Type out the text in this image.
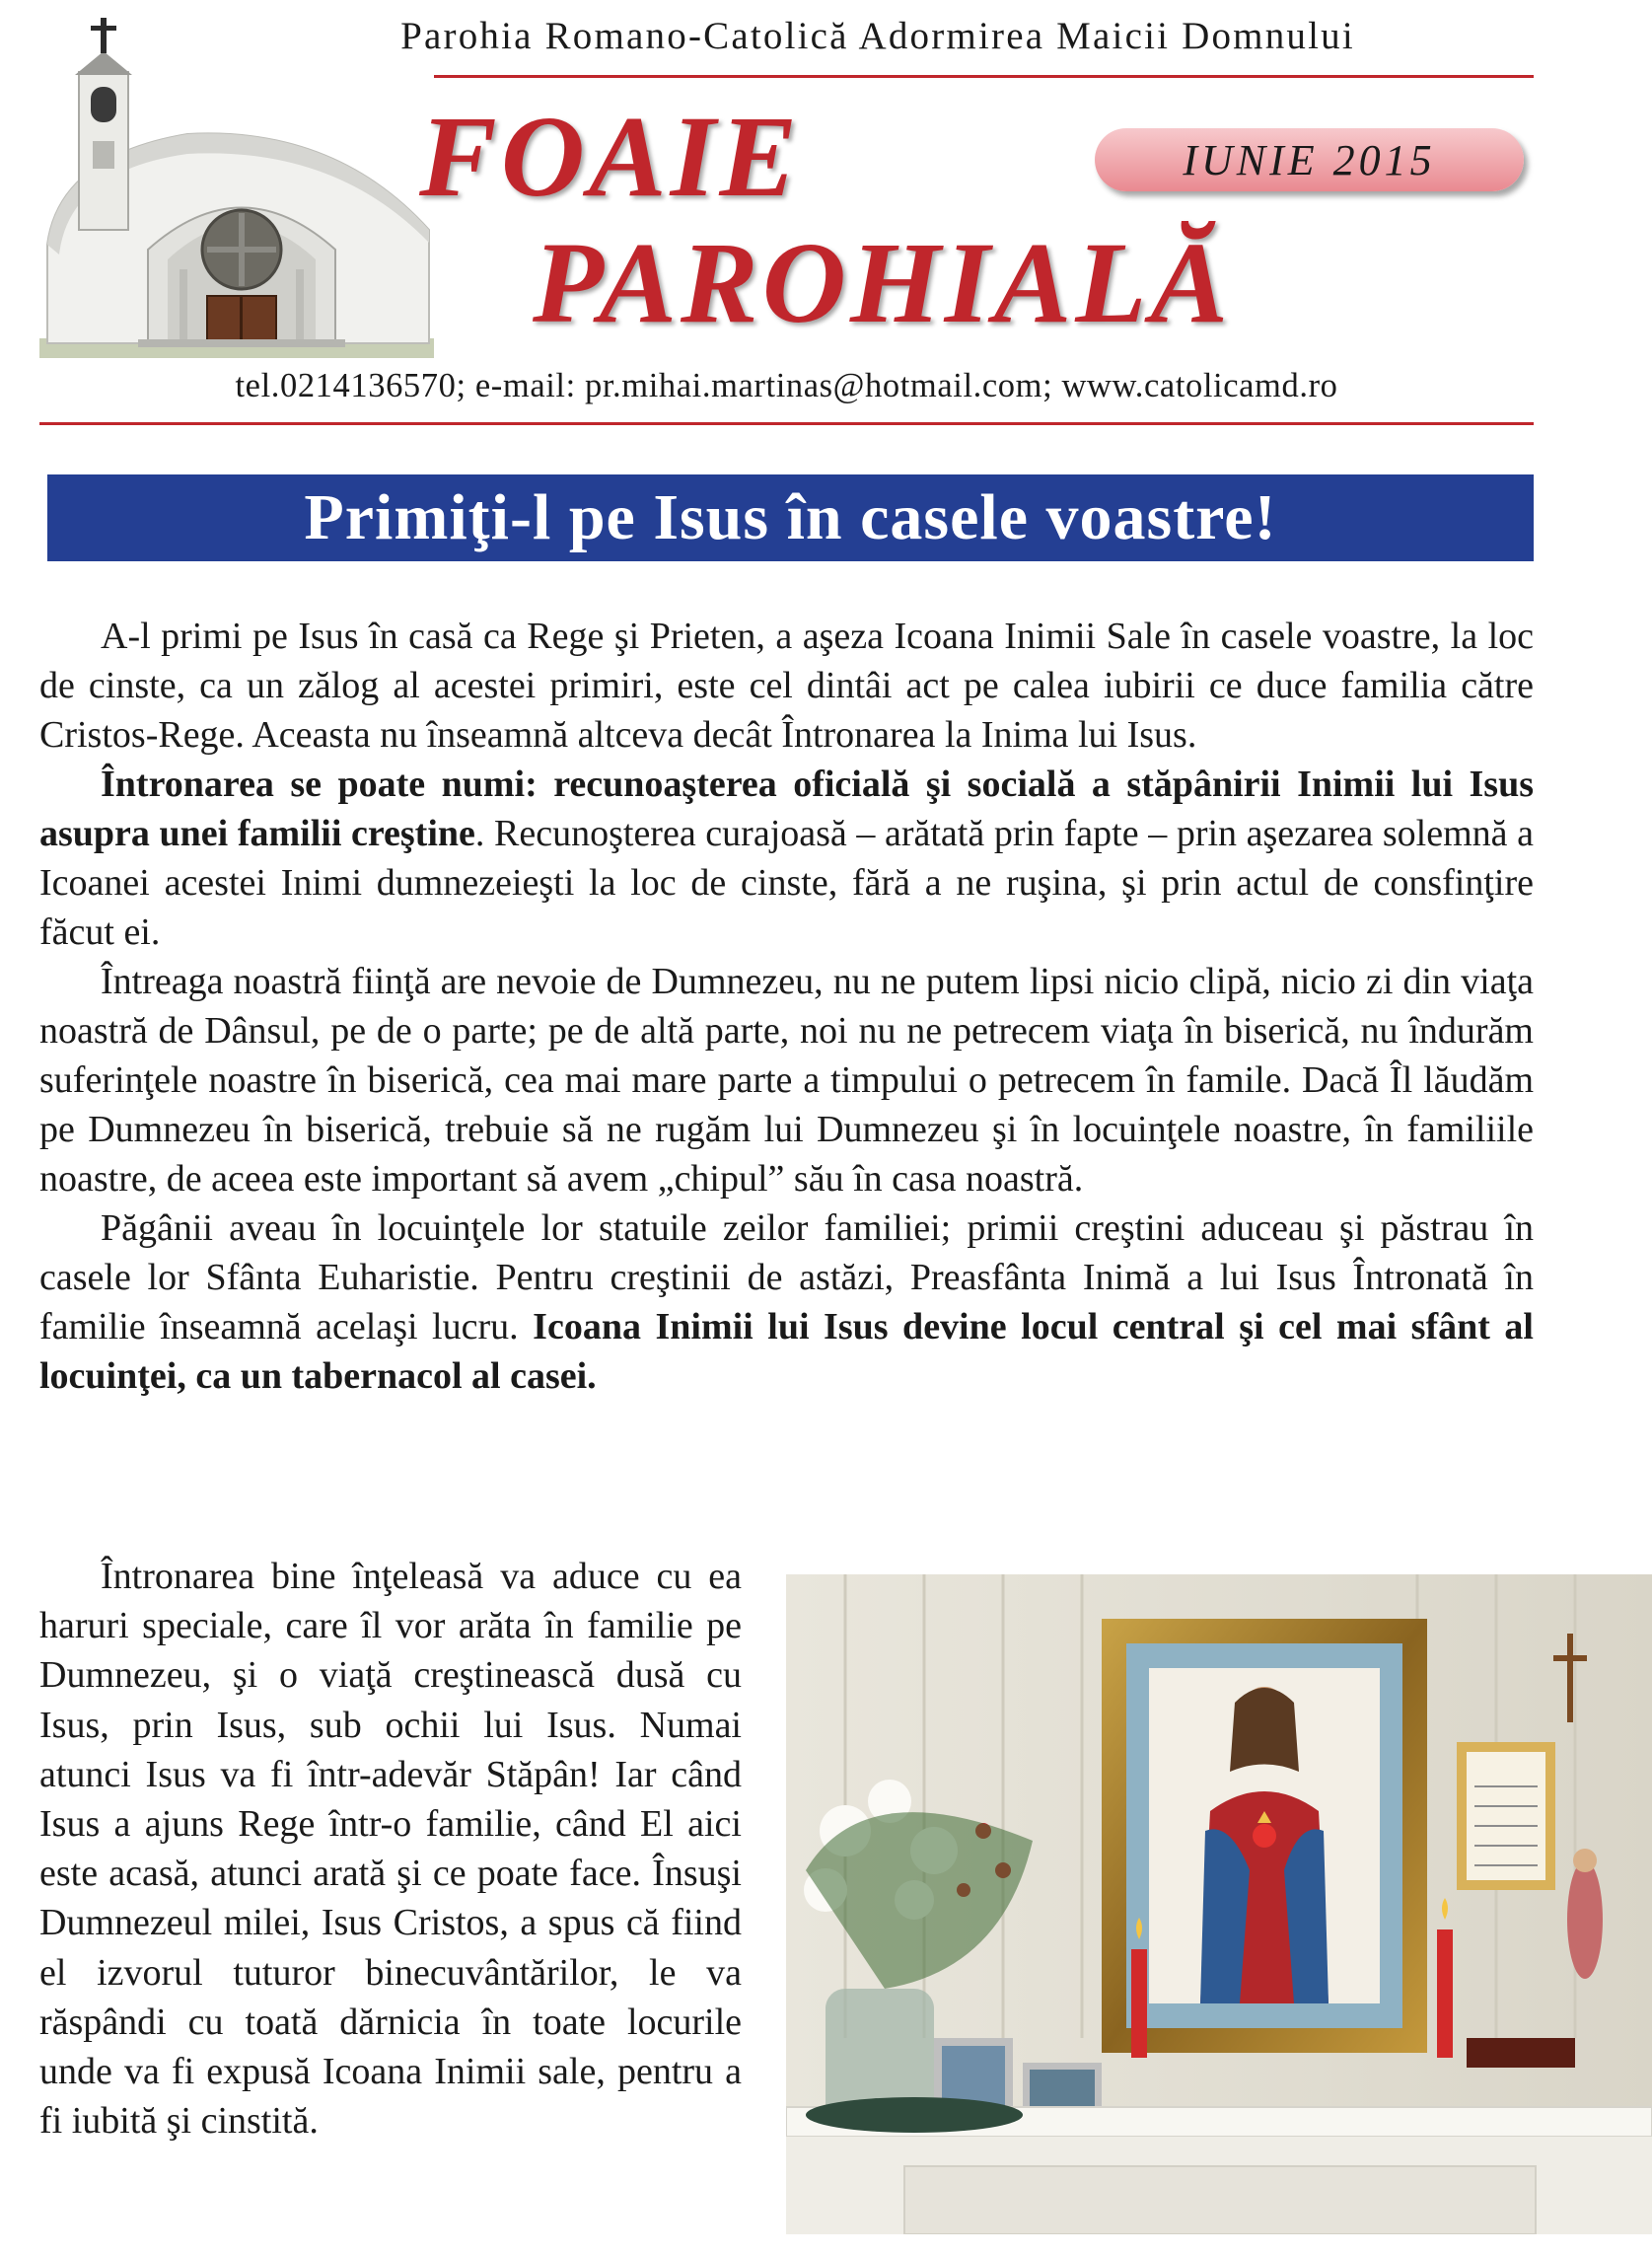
Parohia Romano-Catolică Adormirea Maicii Domnului
FOAIE
PAROHIALĂ
IUNIE 2015
tel.0214136570; e-mail: pr.mihai.martinas@hotmail.com; www.catolicamd.ro
Primiţi-l pe Isus în casele voastre!

A-l primi pe Isus în casă ca Rege şi Prieten, a aşeza Icoana Inimii Sale în casele voastre, la loc de cinste, ca un zălog al acestei primiri, este cel dintâi act pe calea iubirii ce duce familia către Cristos-Rege. Aceasta nu înseamnă altceva decât Întronarea la Inima lui Isus.

Întronarea se poate numi: recunoaşterea oficială şi socială a stăpânirii Inimii lui Isus asupra unei familii creştine. Recunoşterea curajoasă – arătată prin fapte – prin aşezarea solemnă a Icoanei acestei Inimi dumnezeieşti la loc de cinste, fără a ne ruşina, şi prin actul de consfinţire făcut ei.

Întreaga noastră fiinţă are nevoie de Dumnezeu, nu ne putem lipsi nicio clipă, nicio zi din viaţa noastră de Dânsul, pe de o parte; pe de altă parte, noi nu ne petrecem viaţa în biserică, nu îndurăm suferinţele noastre în biserică, cea mai mare parte a timpului o petrecem în famile. Dacă Îl lăudăm pe Dumnezeu în biserică, trebuie să ne rugăm lui Dumnezeu şi în locuinţele noastre, în familiile noastre, de aceea este important să avem „chipul” său în casa noastră.

Păgânii aveau în locuinţele lor statuile zeilor familiei; primii creştini aduceau şi păstrau în casele lor Sfânta Euharistie. Pentru creştinii de astăzi, Preasfânta Inimă a lui Isus Întronată în familie înseamnă acelaşi lucru. Icoana Inimii lui Isus devine locul central şi cel mai sfânt al locuinţei, ca un tabernacol al casei.

Întronarea bine înţeleasă va aduce cu ea haruri speciale, care îl vor arăta în familie pe Dumnezeu, şi o viaţă creştinească dusă cu Isus, prin Isus, sub ochii lui Isus. Numai atunci Isus va fi într-adevăr Stăpân! Iar când Isus a ajuns Rege într-o familie, când El aici este acasă, atunci arată şi ce poate face. Însuşi Dumnezeul milei, Isus Cristos, a spus că fiind el izvorul tuturor binecuvântărilor, le va răspândi cu toată dărnicia în toate locurile unde va fi expusă Icoana Inimii sale, pentru a fi iubită şi cinstită.
